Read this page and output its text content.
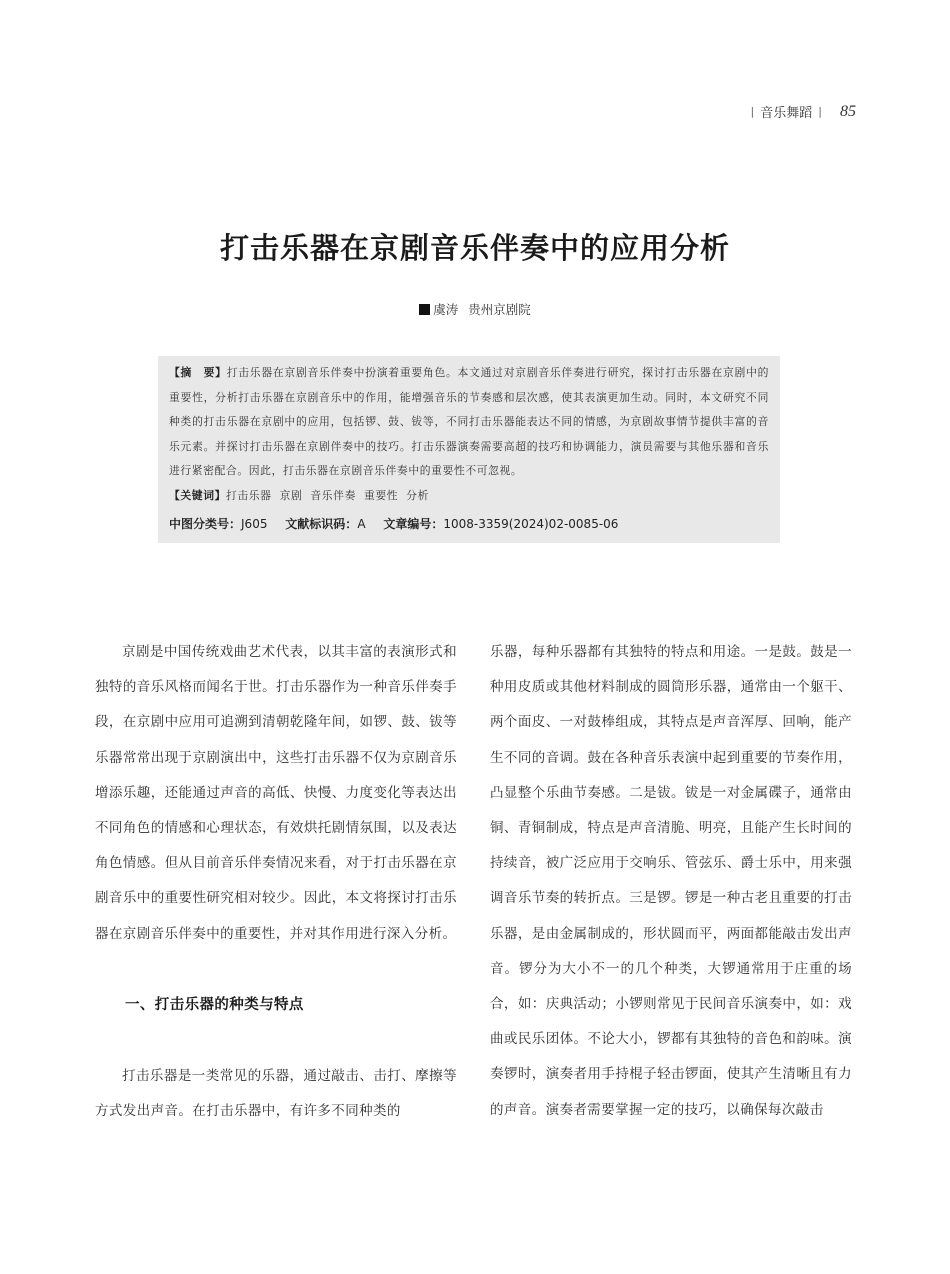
| 音乐舞蹈 | 85
打击乐器在京剧音乐伴奏中的应用分析
虞涛 贵州京剧院

【摘　要】打击乐器在京剧音乐伴奏中扮演着重要角色。本文通过对京剧音乐伴奏进行研究，探讨打击乐器在京剧中的重要性，分析打击乐器在京剧音乐中的作用，能增强音乐的节奏感和层次感，使其表演更加生动。同时，本文研究不同种类的打击乐器在京剧中的应用，包括锣、鼓、钹等，不同打击乐器能表达不同的情感，为京剧故事情节提供丰富的音乐元素。并探讨打击乐器在京剧伴奏中的技巧。打击乐器演奏需要高超的技巧和协调能力，演员需要与其他乐器和音乐进行紧密配合。因此，打击乐器在京剧音乐伴奏中的重要性不可忽视。

【关键词】打击乐器 京剧 音乐伴奏 重要性 分析

中图分类号：J605 文献标识码：A 文章编号：1008-3359(2024)02-0085-06

京剧是中国传统戏曲艺术代表，以其丰富的表演形式和独特的音乐风格而闻名于世。打击乐器作为一种音乐伴奏手段，在京剧中应用可追溯到清朝乾隆年间，如锣、鼓、钹等乐器常常出现于京剧演出中，这些打击乐器不仅为京剧音乐增添乐趣，还能通过声音的高低、快慢、力度变化等表达出不同角色的情感和心理状态，有效烘托剧情氛围，以及表达角色情感。但从目前音乐伴奏情况来看，对于打击乐器在京剧音乐中的重要性研究相对较少。因此，本文将探讨打击乐器在京剧音乐伴奏中的重要性，并对其作用进行深入分析。

一、打击乐器的种类与特点

打击乐器是一类常见的乐器，通过敲击、击打、摩擦等方式发出声音。在打击乐器中，有许多不同种类的

乐器，每种乐器都有其独特的特点和用途。一是鼓。鼓是一种用皮质或其他材料制成的圆筒形乐器，通常由一个躯干、两个面皮、一对鼓棒组成，其特点是声音浑厚、回响，能产生不同的音调。鼓在各种音乐表演中起到重要的节奏作用，凸显整个乐曲节奏感。二是钹。钹是一对金属碟子，通常由铜、青铜制成，特点是声音清脆、明亮，且能产生长时间的持续音，被广泛应用于交响乐、管弦乐、爵士乐中，用来强调音乐节奏的转折点。三是锣。锣是一种古老且重要的打击乐器，是由金属制成的，形状圆而平，两面都能敲击发出声音。锣分为大小不一的几个种类，大锣通常用于庄重的场合，如：庆典活动；小锣则常见于民间音乐演奏中，如：戏曲或民乐团体。不论大小，锣都有其独特的音色和韵味。演奏锣时，演奏者用手持棍子轻击锣面，使其产生清晰且有力的声音。演奏者需要掌握一定的技巧，以确保每次敲击
